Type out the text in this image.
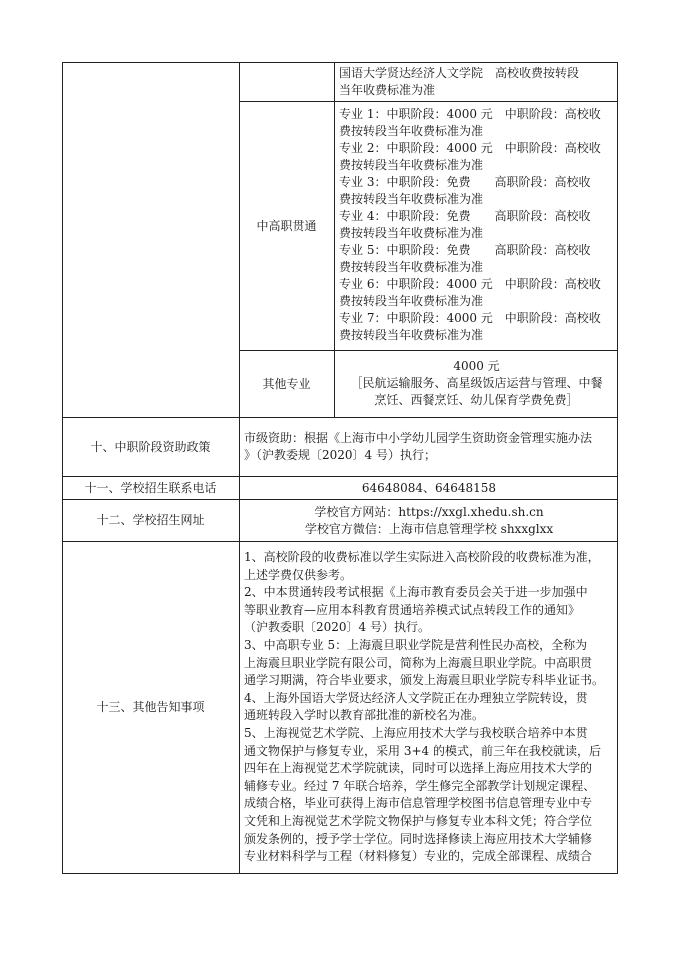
国语大学贤达经济人文学院　高校收费按转段
当年收费标准为准
中高职贯通
专业 1：中职阶段：4000 元　中职阶段：高校收
费按转段当年收费标准为准
专业 2：中职阶段：4000 元　中职阶段：高校收
费按转段当年收费标准为准
专业 3：中职阶段：免费　　高职阶段：高校收
费按转段当年收费标准为准
专业 4：中职阶段：免费　　高职阶段：高校收
费按转段当年收费标准为准
专业 5：中职阶段：免费　　高职阶段：高校收
费按转段当年收费标准为准
专业 6：中职阶段：4000 元　中职阶段：高校收
费按转段当年收费标准为准
专业 7：中职阶段：4000 元　中职阶段：高校收
费按转段当年收费标准为准
其他专业
4000 元
［民航运输服务、高星级饭店运营与管理、中餐
烹饪、西餐烹饪、幼儿保育学费免费］
十、中职阶段资助政策
市级资助：根据《上海市中小学幼儿园学生资助资金管理实施办法
》（沪教委规〔2020〕4 号）执行；
十一、学校招生联系电话	64648084、64648158
十二、学校招生网址
学校官方网站：https://xxgl.xhedu.sh.cn
学校官方微信：上海市信息管理学校 shxxglxx
十三、其他告知事项
1、高校阶段的收费标准以学生实际进入高校阶段的收费标准为准，
上述学费仅供参考。
2、中本贯通转段考试根据《上海市教育委员会关于进一步加强中
等职业教育—应用本科教育贯通培养模式试点转段工作的通知》
（沪教委职〔2020〕4 号）执行。
3、中高职专业 5：上海震旦职业学院是营利性民办高校，全称为
上海震旦职业学院有限公司，简称为上海震旦职业学院。中高职贯
通学习期满，符合毕业要求，颁发上海震旦职业学院专科毕业证书。
4、上海外国语大学贤达经济人文学院正在办理独立学院转设，贯
通班转段入学时以教育部批准的新校名为准。
5、上海视觉艺术学院、上海应用技术大学与我校联合培养中本贯
通文物保护与修复专业，采用 3+4 的模式，前三年在我校就读，后
四年在上海视觉艺术学院就读，同时可以选择上海应用技术大学的
辅修专业。经过 7 年联合培养，学生修完全部教学计划规定课程、
成绩合格，毕业可获得上海市信息管理学校图书信息管理专业中专
文凭和上海视觉艺术学院文物保护与修复专业本科文凭；符合学位
颁发条例的，授予学士学位。同时选择修读上海应用技术大学辅修
专业材料科学与工程（材料修复）专业的，完成全部课程、成绩合
